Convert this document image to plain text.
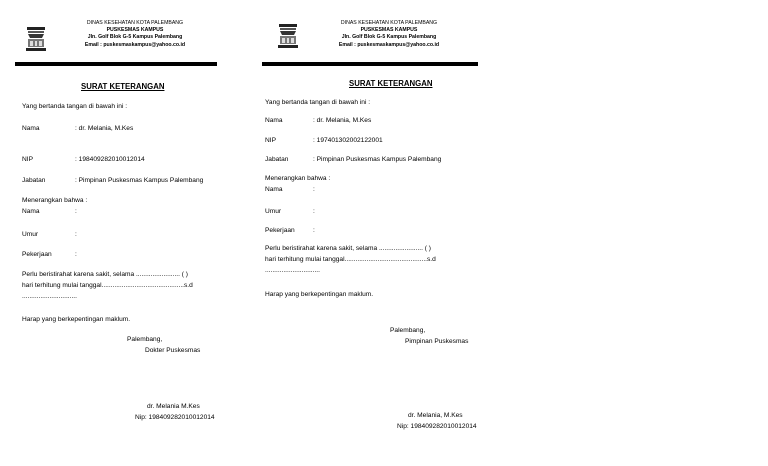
DINAS KESEHATAN KOTA PALEMBANG
PUSKESMAS KAMPUS
Jln. Golf Blok G-5 Kampus Palembang
Email : puskesmaskampus@yahoo.co.id
SURAT KETERANGAN
Yang bertanda tangan di bawah ini :
Nama	: dr. Melania, M.Kes
NIP	: 198409282010012014
Jabatan	: Pimpinan Puskesmas Kampus Palembang
Menerangkan bahwa :
Nama	:
Umur	:
Pekerjaan	:
Perlu beristirahat karena sakit, selama ........................ ( )
hari terhitung mulai tanggal.............................................s.d
..............................
Harap yang berkepentingan maklum.
Palembang,
Dokter Puskesmas
dr. Melania M.Kes
Nip: 198409282010012014
DINAS KESEHATAN KOTA PALEMBANG
PUSKESMAS KAMPUS
Jln. Golf Blok G-5 Kampus Palembang
Email : puskesmaskampus@yahoo.co.id
SURAT KETERANGAN
Yang bertanda tangan di bawah ini :
Nama	: dr. Melania, M.Kes
NIP	: 197401302002122001
Jabatan	: Pimpinan Puskesmas Kampus Palembang
Menerangkan bahwa :
Nama	:
Umur	:
Pekerjaan	:
Perlu beristirahat karena sakit, selama ........................ ( )
hari terhitung mulai tanggal.............................................s.d
..............................
Harap yang berkepentingan maklum.
Palembang,
Pimpinan Puskesmas
dr. Melania, M.Kes
Nip: 198409282010012014
